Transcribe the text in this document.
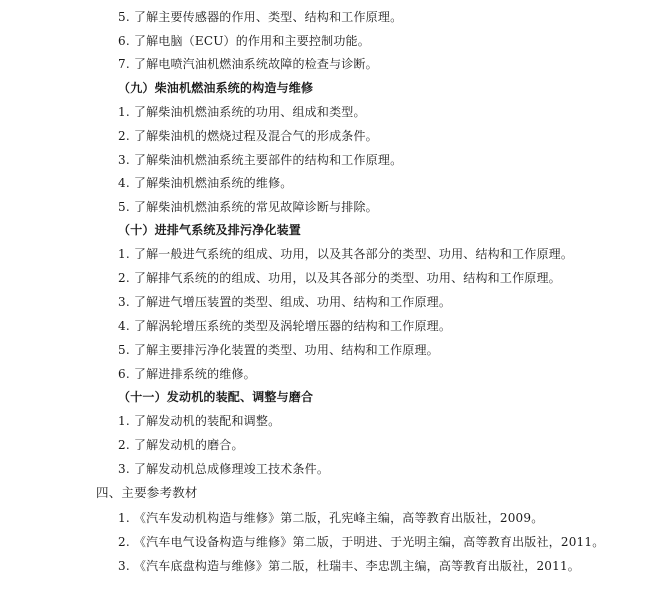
5. 了解主要传感器的作用、类型、结构和工作原理。
6. 了解电脑（ECU）的作用和主要控制功能。
7. 了解电喷汽油机燃油系统故障的检查与诊断。
（九）柴油机燃油系统的构造与维修
1. 了解柴油机燃油系统的功用、组成和类型。
2. 了解柴油机的燃烧过程及混合气的形成条件。
3. 了解柴油机燃油系统主要部件的结构和工作原理。
4. 了解柴油机燃油系统的维修。
5. 了解柴油机燃油系统的常见故障诊断与排除。
（十）进排气系统及排污净化装置
1. 了解一般进气系统的组成、功用，以及其各部分的类型、功用、结构和工作原理。
2. 了解排气系统的的组成、功用，以及其各部分的类型、功用、结构和工作原理。
3. 了解进气增压装置的类型、组成、功用、结构和工作原理。
4. 了解涡轮增压系统的类型及涡轮增压器的结构和工作原理。
5. 了解主要排污净化装置的类型、功用、结构和工作原理。
6. 了解进排系统的维修。
（十一）发动机的装配、调整与磨合
1. 了解发动机的装配和调整。
2. 了解发动机的磨合。
3. 了解发动机总成修理竣工技术条件。
四、主要参考教材
1. 《汽车发动机构造与维修》第二版，孔宪峰主编，高等教育出版社，2009。
2. 《汽车电气设备构造与维修》第二版，于明进、于光明主编，高等教育出版社，2011。
3. 《汽车底盘构造与维修》第二版，杜瑞丰、李忠凯主编，高等教育出版社，2011。
